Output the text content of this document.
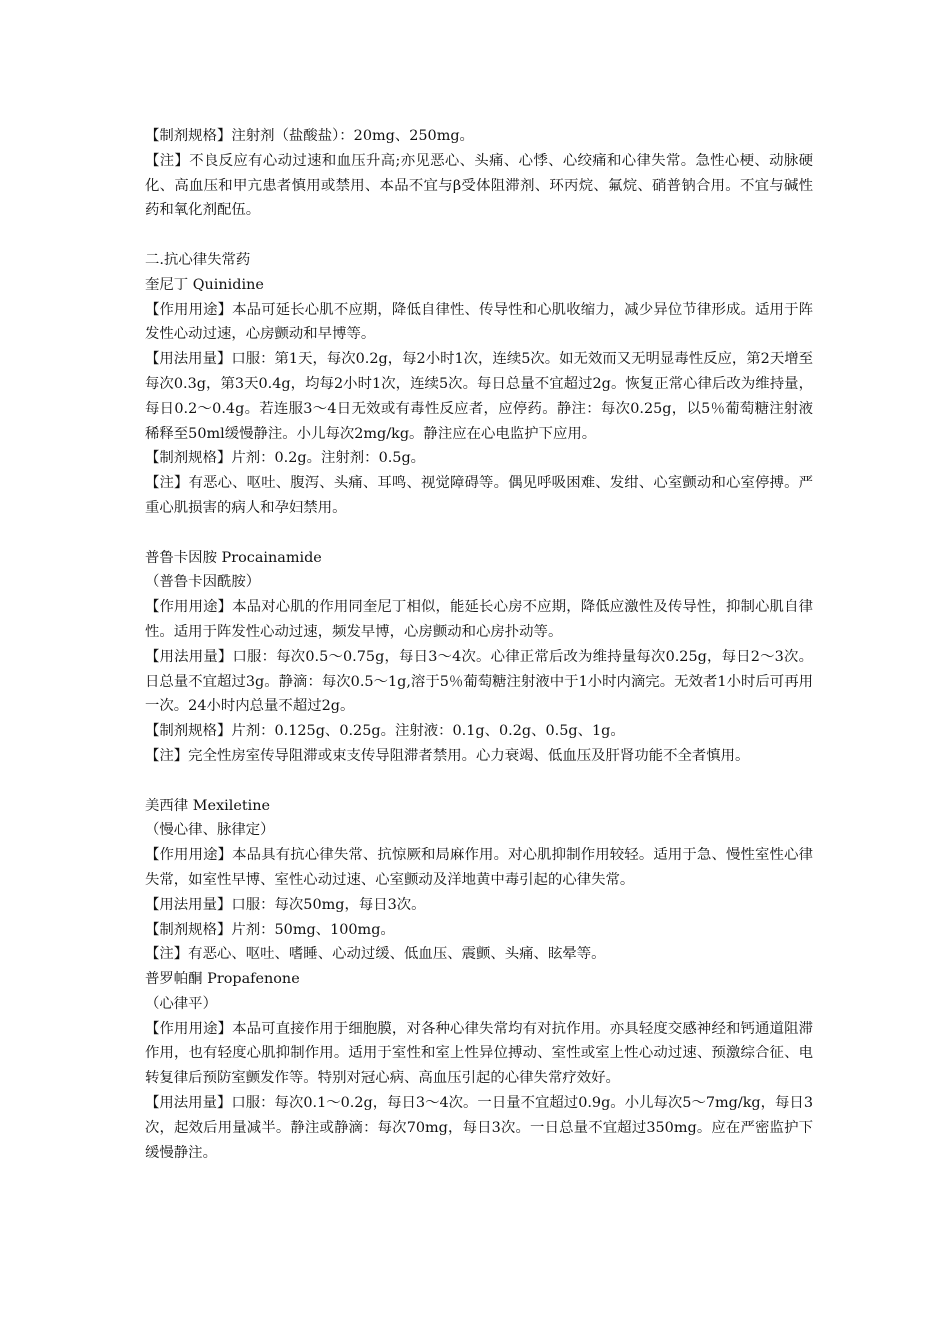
【制剂规格】注射剂（盐酸盐）：20mg、250mg。

【注】不良反应有心动过速和血压升高;亦见恶心、头痛、心悸、心绞痛和心律失常。急性心梗、动脉硬化、高血压和甲亢患者慎用或禁用、本品不宜与β受体阻滞剂、环丙烷、氟烷、硝普钠合用。不宜与碱性药和氧化剂配伍。

二.抗心律失常药

奎尼丁 Quinidine

【作用用途】本品可延长心肌不应期，降低自律性、传导性和心肌收缩力，减少异位节律形成。适用于阵发性心动过速，心房颤动和早博等。

【用法用量】口服：第1天，每次0.2g，每2小时1次，连续5次。如无效而又无明显毒性反应，第2天增至每次0.3g，第3天0.4g，均每2小时1次，连续5次。每日总量不宜超过2g。恢复正常心律后改为维持量，每日0.2～0.4g。若连服3～4日无效或有毒性反应者，应停药。静注：每次0.25g，以5％葡萄糖注射液稀释至50ml缓慢静注。小儿每次2mg/kg。静注应在心电监护下应用。

【制剂规格】片剂：0.2g。注射剂：0.5g。

【注】有恶心、呕吐、腹泻、头痛、耳鸣、视觉障碍等。偶见呼吸困难、发绀、心室颤动和心室停搏。严重心肌损害的病人和孕妇禁用。

普鲁卡因胺 Procainamide

（普鲁卡因酰胺）

【作用用途】本品对心肌的作用同奎尼丁相似，能延长心房不应期，降低应激性及传导性，抑制心肌自律性。适用于阵发性心动过速，频发早博，心房颤动和心房扑动等。

【用法用量】口服：每次0.5～0.75g，每日3～4次。心律正常后改为维持量每次0.25g，每日2～3次。日总量不宜超过3g。静滴：每次0.5～1g,溶于5％葡萄糖注射液中于1小时内滴完。无效者1小时后可再用一次。24小时内总量不超过2g。

【制剂规格】片剂：0.125g、0.25g。注射液：0.1g、0.2g、0.5g、1g。

【注】完全性房室传导阻滞或束支传导阻滞者禁用。心力衰竭、低血压及肝肾功能不全者慎用。

美西律 Mexiletine

（慢心律、脉律定）

【作用用途】本品具有抗心律失常、抗惊厥和局麻作用。对心肌抑制作用较轻。适用于急、慢性室性心律失常，如室性早博、室性心动过速、心室颤动及洋地黄中毒引起的心律失常。

【用法用量】口服：每次50mg，每日3次。

【制剂规格】片剂：50mg、100mg。

【注】有恶心、呕吐、嗜睡、心动过缓、低血压、震颤、头痛、眩晕等。

普罗帕酮 Propafenone

（心律平）

【作用用途】本品可直接作用于细胞膜，对各种心律失常均有对抗作用。亦具轻度交感神经和钙通道阻滞作用，也有轻度心肌抑制作用。适用于室性和室上性异位搏动、室性或室上性心动过速、预激综合征、电转复律后预防室颤发作等。特别对冠心病、高血压引起的心律失常疗效好。

【用法用量】口服：每次0.1～0.2g，每日3～4次。一日量不宜超过0.9g。小儿每次5～7mg/kg，每日3次，起效后用量减半。静注或静滴：每次70mg，每日3次。一日总量不宜超过350mg。应在严密监护下缓慢静注。
